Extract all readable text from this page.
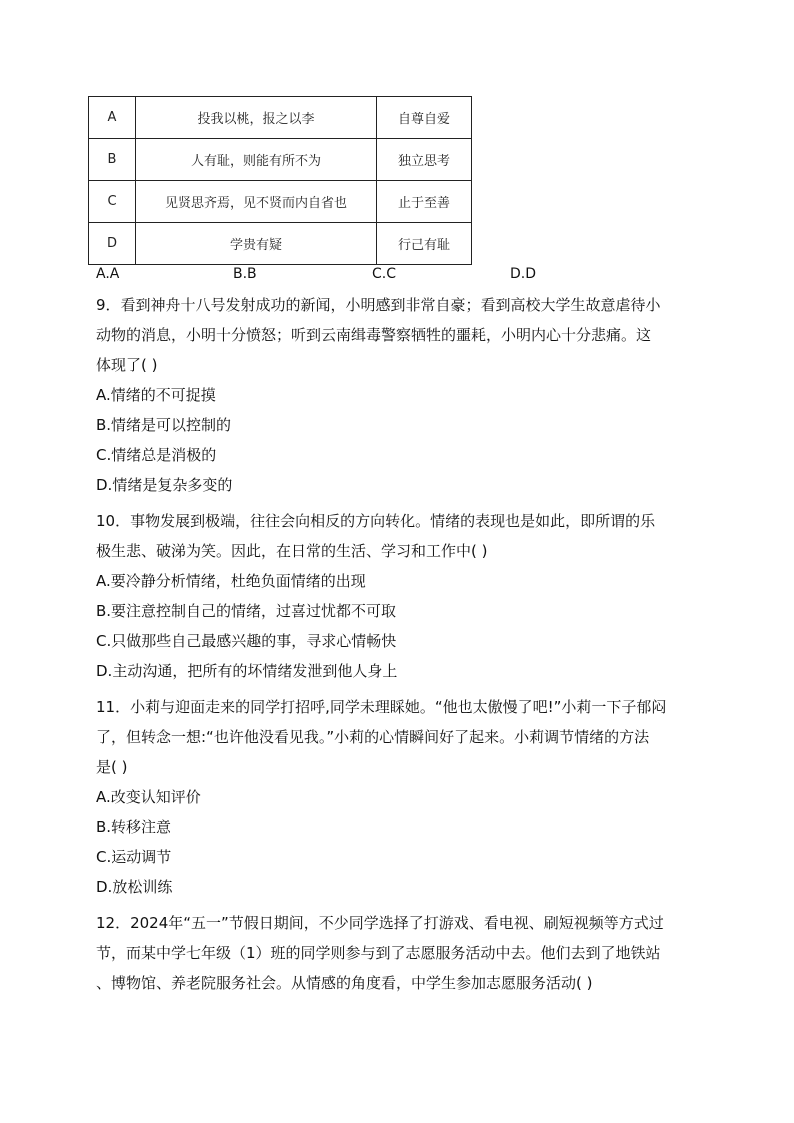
A	投我以桃，报之以李	自尊自爱
B	人有耻，则能有所不为	独立思考
C	见贤思齐焉，见不贤而内自省也	止于至善
D	学贵有疑	行己有耻
A.A	B.B	C.C	D.D
9．看到神舟十八号发射成功的新闻，小明感到非常自豪；看到高校大学生故意虐待小
动物的消息，小明十分愤怒；听到云南缉毒警察牺牲的噩耗，小明内心十分悲痛。这
体现了( )
A.情绪的不可捉摸
B.情绪是可以控制的
C.情绪总是消极的
D.情绪是复杂多变的
10．事物发展到极端，往往会向相反的方向转化。情绪的表现也是如此，即所谓的乐
极生悲、破涕为笑。因此，在日常的生活、学习和工作中( )
A.要冷静分析情绪，杜绝负面情绪的出现
B.要注意控制自己的情绪，过喜过忧都不可取
C.只做那些自己最感兴趣的事，寻求心情畅快
D.主动沟通，把所有的坏情绪发泄到他人身上
11．小莉与迎面走来的同学打招呼,同学未理睬她。“他也太傲慢了吧!”小莉一下子郁闷
了，但转念一想:“也许他没看见我。”小莉的心情瞬间好了起来。小莉调节情绪的方法
是( )
A.改变认知评价
B.转移注意
C.运动调节
D.放松训练
12．2024年“五一”节假日期间，不少同学选择了打游戏、看电视、刷短视频等方式过
节，而某中学七年级（1）班的同学则参与到了志愿服务活动中去。他们去到了地铁站
、博物馆、养老院服务社会。从情感的角度看，中学生参加志愿服务活动( )
